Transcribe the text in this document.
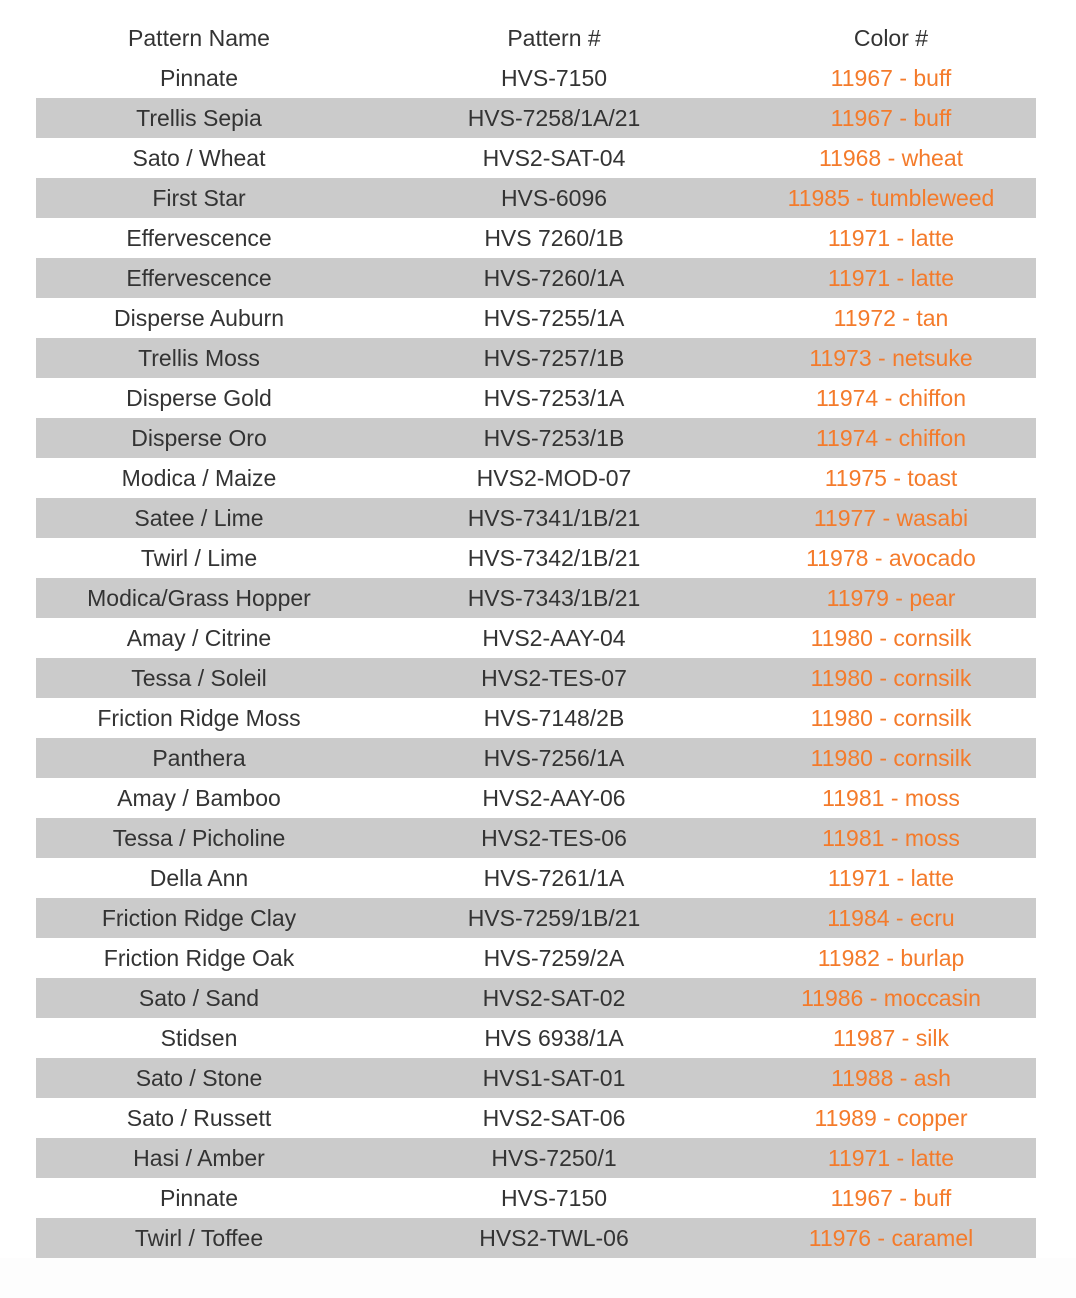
Pattern Name	Pattern #	Color #
Pinnate	HVS-7150	11967 - buff
Trellis Sepia	HVS-7258/1A/21	11967 - buff
Sato / Wheat	HVS2-SAT-04	11968 - wheat
First Star	HVS-6096	11985 - tumbleweed
Effervescence	HVS 7260/1B	11971 - latte
Effervescence	HVS-7260/1A	11971 - latte
Disperse Auburn	HVS-7255/1A	11972 - tan
Trellis Moss	HVS-7257/1B	11973 - netsuke
Disperse Gold	HVS-7253/1A	11974 - chiffon
Disperse Oro	HVS-7253/1B	11974 - chiffon
Modica / Maize	HVS2-MOD-07	11975 - toast
Satee / Lime	HVS-7341/1B/21	11977 - wasabi
Twirl / Lime	HVS-7342/1B/21	11978 - avocado
Modica/Grass Hopper	HVS-7343/1B/21	11979 - pear
Amay / Citrine	HVS2-AAY-04	11980 - cornsilk
Tessa / Soleil	HVS2-TES-07	11980 - cornsilk
Friction Ridge Moss	HVS-7148/2B	11980 - cornsilk
Panthera	HVS-7256/1A	11980 - cornsilk
Amay / Bamboo	HVS2-AAY-06	11981 - moss
Tessa / Picholine	HVS2-TES-06	11981 - moss
Della Ann	HVS-7261/1A	11971 - latte
Friction Ridge Clay	HVS-7259/1B/21	11984 - ecru
Friction Ridge Oak	HVS-7259/2A	11982 - burlap
Sato / Sand	HVS2-SAT-02	11986 - moccasin
Stidsen	HVS 6938/1A	11987 - silk
Sato / Stone	HVS1-SAT-01	11988 - ash
Sato / Russett	HVS2-SAT-06	11989 - copper
Hasi / Amber	HVS-7250/1	11971 - latte
Pinnate	HVS-7150	11967 - buff
Twirl / Toffee	HVS2-TWL-06	11976 - caramel
